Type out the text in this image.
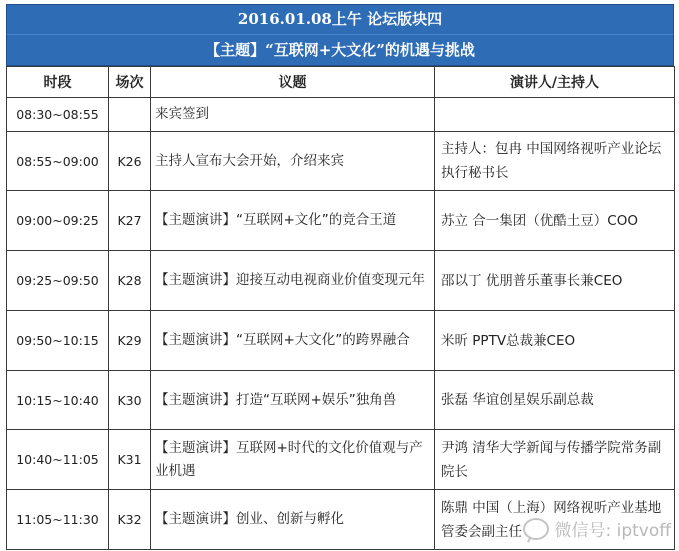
2016.01.08上午 论坛版块四
【主题】“互联网+大文化”的机遇与挑战
时段	场次	议题	演讲人/主持人
08:30~08:55		来宾签到	
08:55~09:00	K26	主持人宣布大会开始，介绍来宾	主持人：包冉 中国网络视听产业论坛执行秘书长
09:00~09:25	K27	【主题演讲】“互联网+文化”的竞合王道	苏立 合一集团（优酷土豆）COO
09:25~09:50	K28	【主题演讲】迎接互动电视商业价值变现元年	邵以丁 优朋普乐董事长兼CEO
09:50~10:15	K29	【主题演讲】“互联网+大文化”的跨界融合	米昕 PPTV总裁兼CEO
10:15~10:40	K30	【主题演讲】打造“互联网+娱乐”独角兽	张磊 华谊创星娱乐副总裁
10:40~11:05	K31	【主题演讲】互联网+时代的文化价值观与产业机遇	尹鸿 清华大学新闻与传播学院常务副院长
11:05~11:30	K32	【主题演讲】创业、创新与孵化	陈鼎 中国（上海）网络视听产业基地管委会副主任 微信号: iptvoff
